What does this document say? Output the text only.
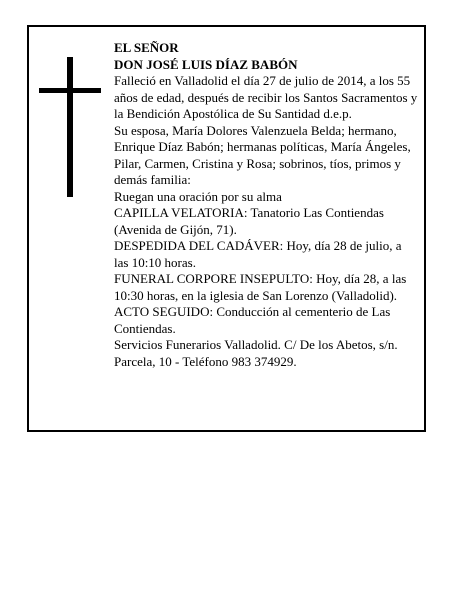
EL SEÑOR

DON JOSÉ LUIS DÍAZ BABÓN

Falleció en Valladolid el día 27 de julio de 2014, a los 55 años de edad, después de recibir los Santos Sacramentos y la Bendición Apostólica de Su Santidad d.e.p.

Su esposa, María Dolores Valenzuela Belda; hermano, Enrique Díaz Babón; hermanas políticas, María Ángeles, Pilar, Carmen, Cristina y Rosa; sobrinos, tíos, primos y demás familia:

Ruegan una oración por su alma

CAPILLA VELATORIA: Tanatorio Las Contiendas (Avenida de Gijón, 71).

DESPEDIDA DEL CADÁVER: Hoy, día 28 de julio, a las 10:10 horas.

FUNERAL CORPORE INSEPULTO: Hoy, día 28, a las 10:30 horas, en la iglesia de San Lorenzo (Valladolid).

ACTO SEGUIDO: Conducción al cementerio de Las Contiendas.

Servicios Funerarios Valladolid. C/ De los Abetos, s/n. Parcela, 10 - Teléfono 983 374929.
